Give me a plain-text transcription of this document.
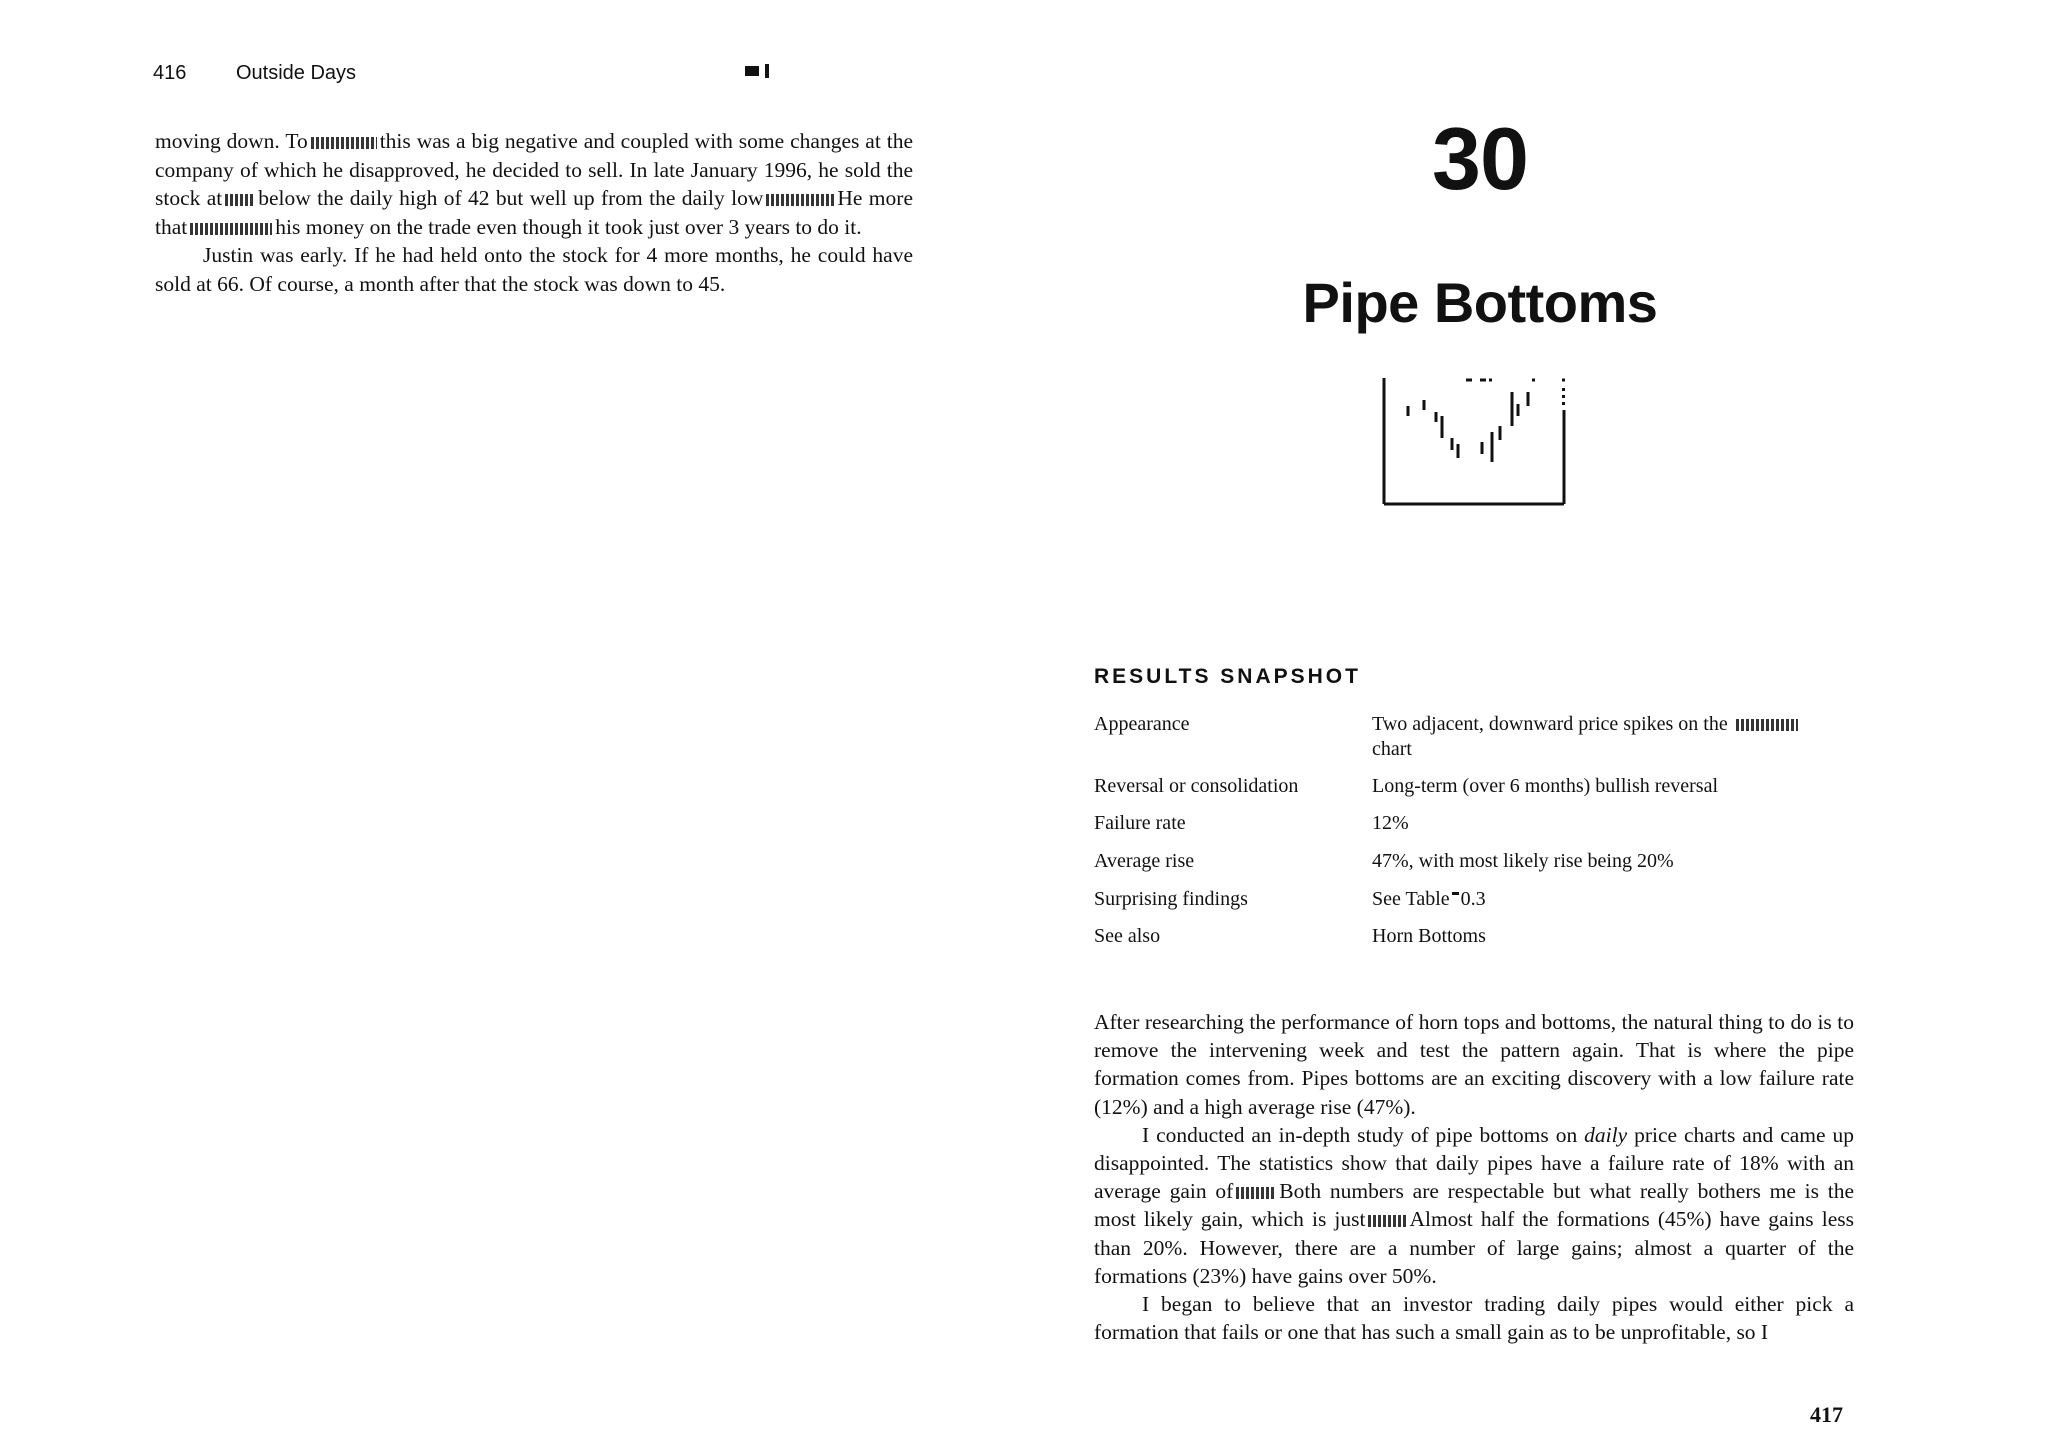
416 Outside Days

moving down. To	this was a big negative and coupled with some changes at the company of which he disapproved, he decided to sell. In late January 1996, he sold the stock at below the daily high of 42 but well up from the daily low	He more that	his money on the trade even though it took just over 3 years to do it.

Justin was early. If he had held onto the stock for 4 more months, he could have sold at 66. Of course, a month after that the stock was down to 45.

30
Pipe Bottoms
RESULTS SNAPSHOT
Appearance	Two adjacent, downward price spikes on the
chart
Reversal or consolidation	Long-term (over 6 months) bullish reversal
Failure rate	12%
Average rise	47%, with most likely rise being 20%
Surprising findings	See Table 0.3
See also	Horn Bottoms

After researching the performance of horn tops and bottoms, the natural thing to do is to remove the intervening week and test the pattern again. That is where the pipe formation comes from. Pipes bottoms are an exciting discovery with a low failure rate (12%) and a high average rise (47%).

I conducted an in-depth study of pipe bottoms on daily price charts and came up disappointed. The statistics show that daily pipes have a failure rate of 18% with an average gain of Both numbers are respectable but what really bothers me is the most likely gain, which is just Almost half the formations (45%) have gains less than 20%. However, there are a number of large gains; almost a quarter of the formations (23%) have gains over 50%.

I began to believe that an investor trading daily pipes would either pick a formation that fails or one that has such a small gain as to be unprofitable, so I

417
